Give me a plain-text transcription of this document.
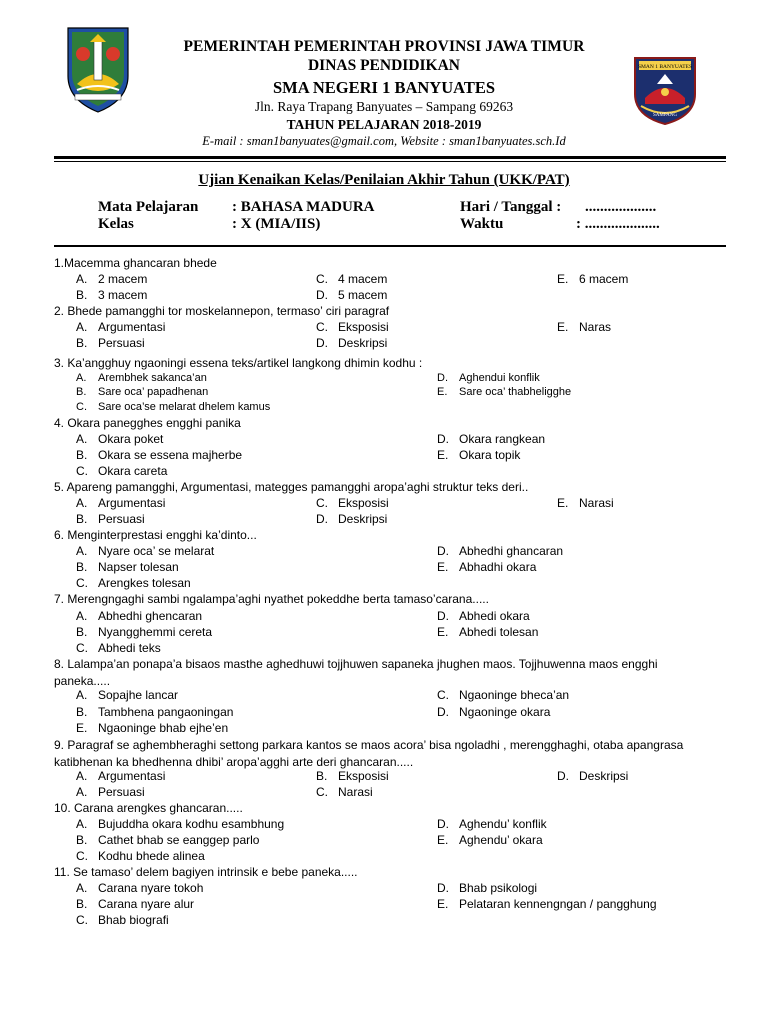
PEMERINTAH PEMERINTAH PROVINSI JAWA TIMUR
DINAS PENDIDIKAN
SMA NEGERI 1 BANYUATES
Jln. Raya Trapang Banyuates – Sampang 69263
TAHUN PELAJARAN 2018-2019
E-mail : sman1banyuates@gmail.com, Website : sman1banyuates.sch.Id
SMAN 1 BANYUATES
SAMPANG
Ujian Kenaikan Kelas/Penilaian Akhir Tahun (UKK/PAT)
Mata Pelajaran : BAHASA MADURA
Kelas	: X (MIA/IIS)
Hari / Tanggal : ...................
Waktu	: ....................
1.Macemma ghancaran bhede
A. 2 macem	C. 4 macem	E. 6 macem
B. 3 macem	D. 5 macem
2. Bhede pamangghi tor moskelannepon, termaso’ ciri paragraf
A. Argumentasi	C. Eksposisi	E. Naras
B. Persuasi	D. Deskripsi
3. Ka’angghuy ngaoningi essena teks/artikel langkong dhimin kodhu :
A. Arembhek sakanca’an	D. Aghendui konflik
B. Sare oca’ papadhenan	E. Sare oca’ thabheligghe
C. Sare oca’se melarat dhelem kamus
4. Okara panegghes engghi panika
A. Okara poket	D. Okara rangkean
B. Okara se essena majherbe	E. Okara topik
C. Okara careta
5. Apareng pamangghi, Argumentasi, mategges pamangghi aropa’aghi struktur teks deri..
A. Argumentasi	C. Eksposisi	E. Narasi
B. Persuasi	D. Deskripsi
6. Menginterprestasi engghi ka’dinto...
A. Nyare oca’ se melarat	D. Abhedhi ghancaran
B. Napser tolesan	E. Abhadhi okara
C. Arengkes tolesan
7. Merengngaghi sambi ngalampa’aghi nyathet pokeddhe berta tamaso’carana.....
A. Abhedhi ghencaran	D. Abhedi okara
B. Nyangghemmi cereta	E. Abhedi tolesan
C. Abhedi teks
8. Lalampa’an ponapa’a bisaos masthe aghedhuwi tojjhuwen sapaneka jhughen maos. Tojjhuwenna maos engghi paneka.....
A. Sopajhe lancar	C. Ngaoninge bheca’an
B. Tambhena pangaoningan	D. Ngaoninge okara
E. Ngaoninge bhab ejhe’en
9. Paragraf se aghembheraghi settong parkara kantos se maos acora’ bisa ngoladhi , merengghaghi, otaba apangrasa katibhenan ka bhedhenna dhibi’ aropa’agghi arte deri ghancaran.....
A. Argumentasi	B. Eksposisi	D. Deskripsi
A. Persuasi	C. Narasi
10. Carana arengkes ghancaran.....
A. Bujuddha okara kodhu esambhung	D. Aghendu’ konflik
B. Cathet bhab se eanggep parlo	E. Aghendu’ okara
C. Kodhu bhede alinea
11. Se tamaso’ delem bagiyen intrinsik e bebe paneka.....
A. Carana nyare tokoh	D. Bhab psikologi
B. Carana nyare alur	E. Pelataran kennengngan / pangghung
C. Bhab biografi
